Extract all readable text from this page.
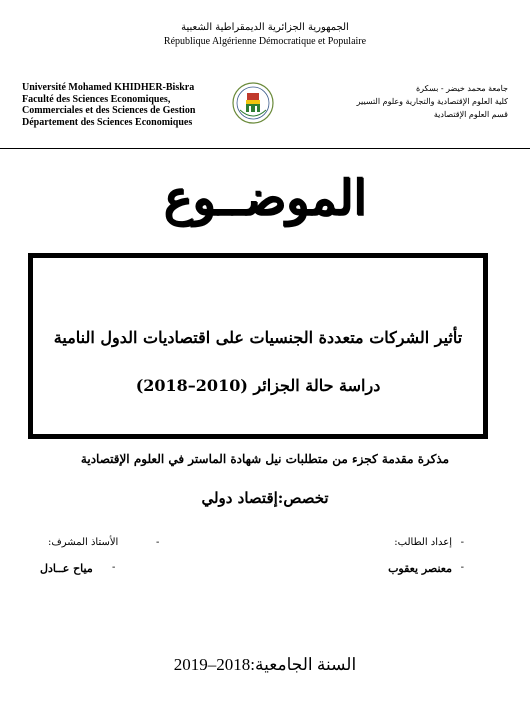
الجمهورية الجزائرية الديمقراطية الشعبية
République Algérienne Démocratique et Populaire
Université Mohamed KHIDHER-Biskra
Faculté des Sciences Economiques,
Commerciales et des Sciences de Gestion
Département des Sciences Economiques
جامعة محمد خيضر - بسكرة
كلية العلوم الإقتصادية والتجارية وعلوم التسيير
قسم العلوم الإقتصادية
الموضــوع
تأثير الشركات متعددة الجنسيات على اقتصاديات الدول النامية
دراسة حالة الجزائر (2010–2018)
مذكرة مقدمة كجزء من متطلبات نيل شهادة الماستر في العلوم الإقتصادية
تخصص:إقتصاد دولي
-
إعداد الطالب:
-
الأستاذ المشرف:
-
معنصر يعقوب
-
مياح عــادل
السنة الجامعية:2018–2019
